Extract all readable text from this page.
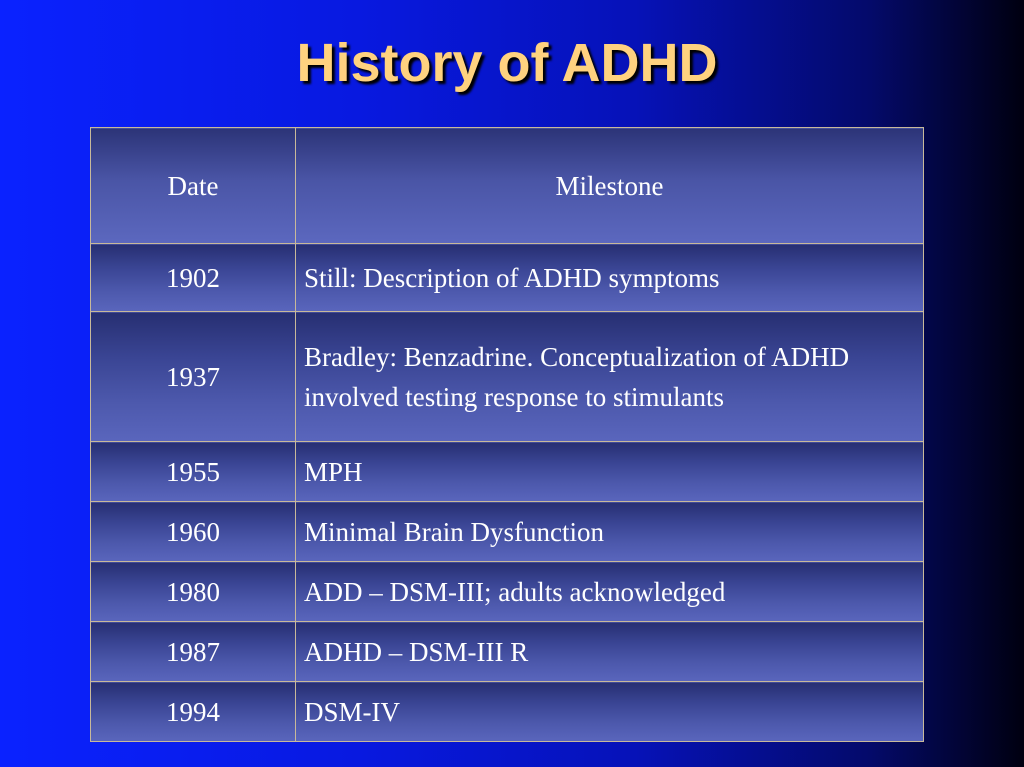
History of ADHD
Date	Milestone
1902	Still: Description of ADHD symptoms
1937	Bradley: Benzadrine. Conceptualization of ADHD involved testing response to stimulants
1955	MPH
1960	Minimal Brain Dysfunction
1980	ADD – DSM-III; adults acknowledged
1987	ADHD – DSM-III R
1994	DSM-IV
